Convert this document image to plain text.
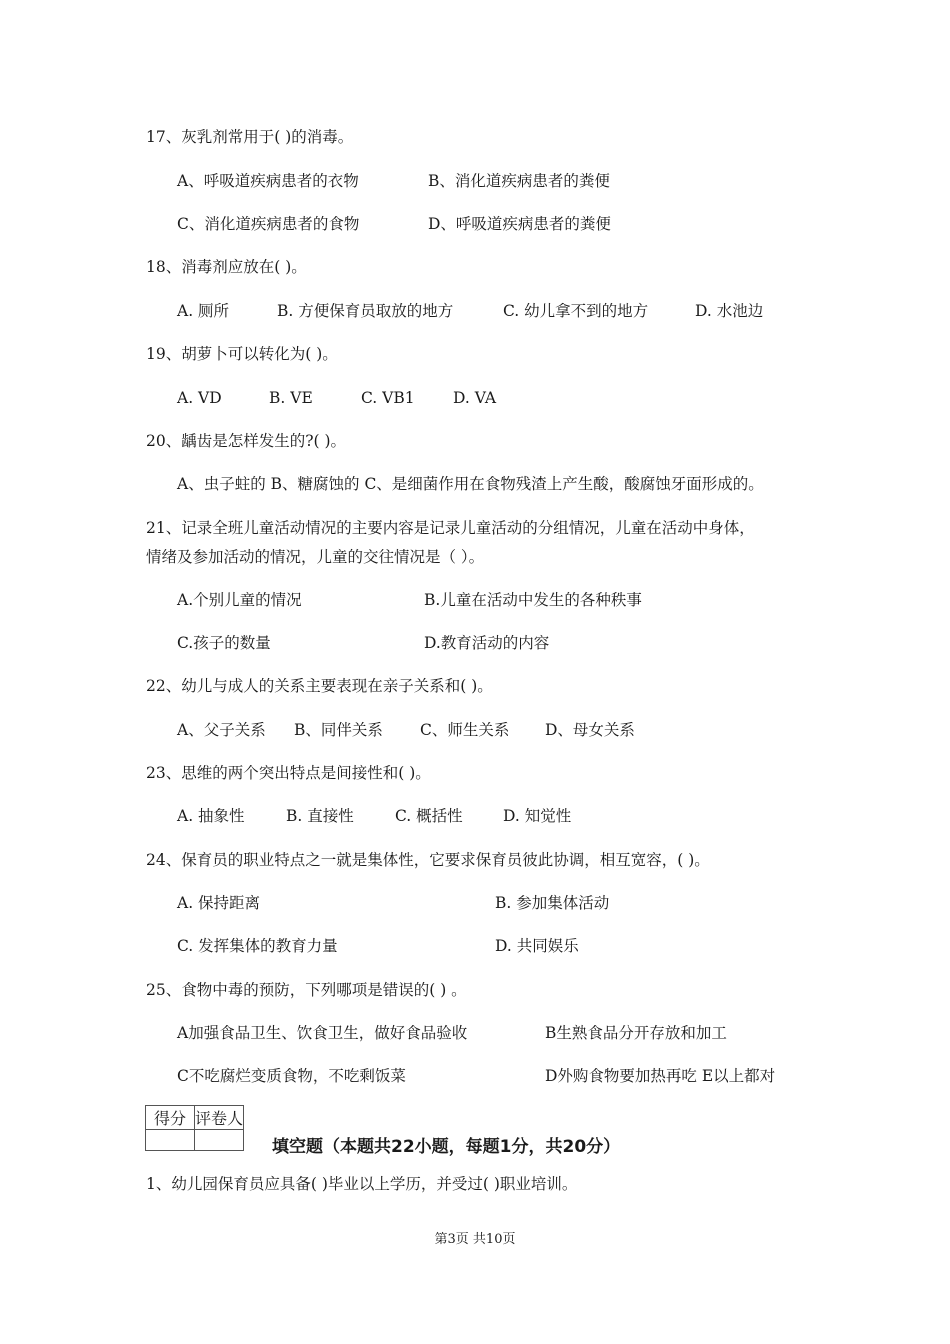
17、灰乳剂常用于( )的消毒。
A、呼吸道疾病患者的衣物	B、消化道疾病患者的粪便
C、消化道疾病患者的食物	D、呼吸道疾病患者的粪便
18、消毒剂应放在( )。
A. 厕所	B. 方便保育员取放的地方	C. 幼儿拿不到的地方	D. 水池边
19、胡萝卜可以转化为( )。
A. VD	B. VE	C. VB1 D. VA
20、龋齿是怎样发生的?( )。
A、虫子蛀的 B、糖腐蚀的 C、是细菌作用在食物残渣上产生酸，酸腐蚀牙面形成的。
21、记录全班儿童活动情况的主要内容是记录儿童活动的分组情况，儿童在活动中身体，
情绪及参加活动的情况，儿童的交往情况是（ ）。
A.个别儿童的情况	B.儿童在活动中发生的各种秩事
C.孩子的数量	D.教育活动的内容
22、幼儿与成人的关系主要表现在亲子关系和( )。
A、父子关系 B、同伴关系 C、师生关系 D、母女关系
23、思维的两个突出特点是间接性和( )。
A. 抽象性	B. 直接性	C. 概括性	D. 知觉性
24、保育员的职业特点之一就是集体性，它要求保育员彼此协调，相互宽容，( )。
A. 保持距离	B. 参加集体活动
C. 发挥集体的教育力量	D. 共同娱乐
25、食物中毒的预防，下列哪项是错误的( ) 。
A加强食品卫生、饮食卫生，做好食品验收	B生熟食品分开存放和加工
C不吃腐烂变质食物，不吃剩饭菜	D外购食物要加热再吃 E以上都对
得分	评卷人

填空题（本题共22小题，每题1分，共20分）
1、幼儿园保育员应具备( )毕业以上学历，并受过( )职业培训。
第3页 共10页
